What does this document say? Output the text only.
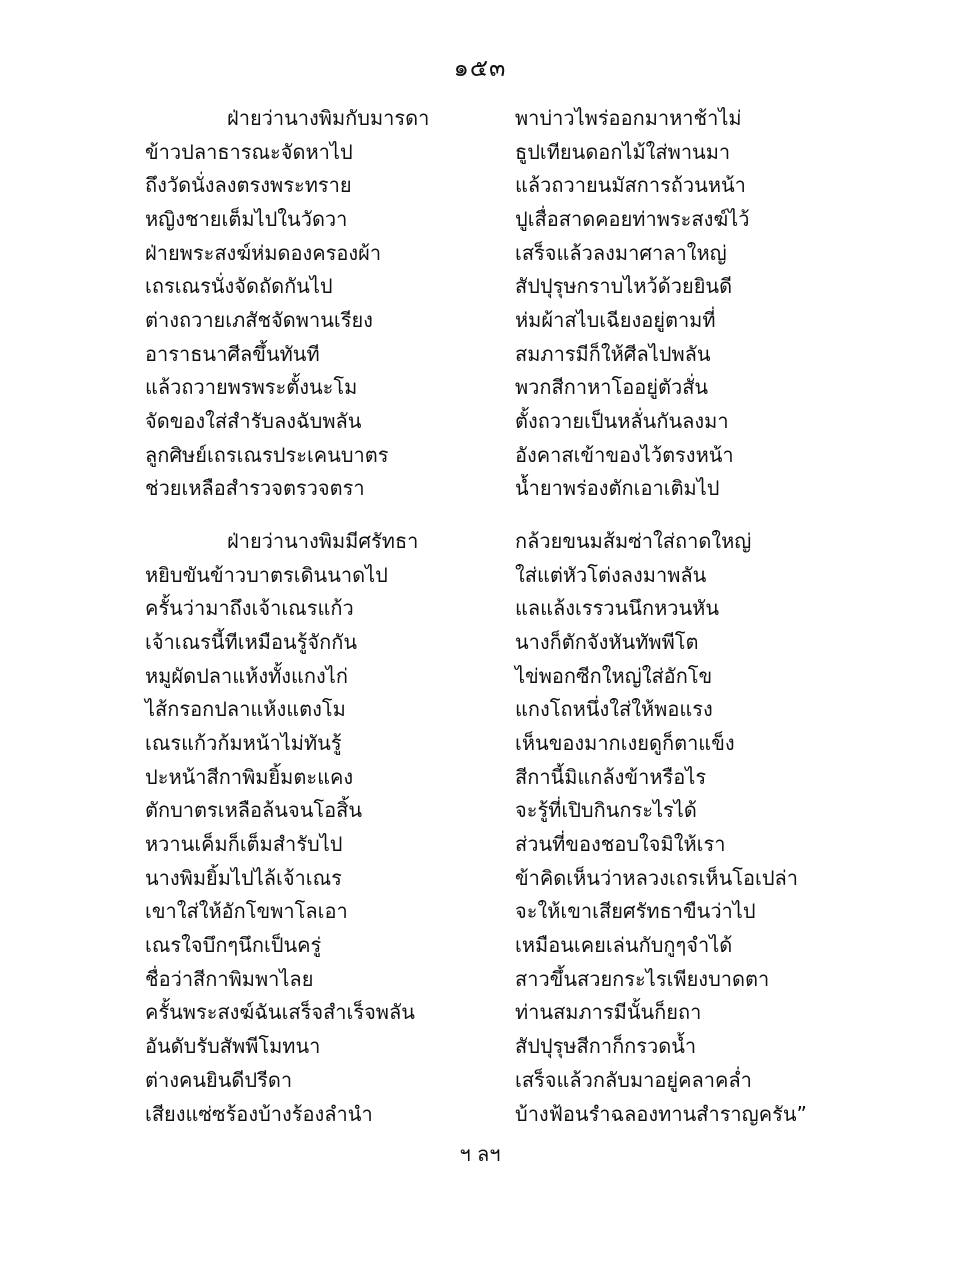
๑๕๓
ฝ่ายว่านางพิมกับมารดา	พาบ่าวไพร่ออกมาหาช้าไม่
ข้าวปลาธารณะจัดหาไป	ธูปเทียนดอกไม้ใส่พานมา
ถึงวัดนั่งลงตรงพระทราย	แล้วถวายนมัสการถ้วนหน้า
หญิงชายเต็มไปในวัดวา	ปูเสื่อสาดคอยท่าพระสงฆ์ไว้
ฝ่ายพระสงฆ์ห่มดองครองผ้า	เสร็จแล้วลงมาศาลาใหญ่
เถรเณรนั่งจัดถัดกันไป	สัปปุรุษกราบไหว้ด้วยยินดี
ต่างถวายเภสัชจัดพานเรียง	ห่มผ้าสไบเฉียงอยู่ตามที่
อาราธนาศีลขึ้นทันที	สมภารมีก็ให้ศีลไปพลัน
แล้วถวายพรพระตั้งนะโม	พวกสีกาหาโออยู่ตัวสั่น
จัดของใส่สำรับลงฉับพลัน	ตั้งถวายเป็นหลั่นกันลงมา
ลูกศิษย์เถรเณรประเคนบาตร	อังคาสเข้าของไว้ตรงหน้า
ช่วยเหลือสำรวจตรวจตรา	น้ำยาพร่องตักเอาเติมไป
ฝ่ายว่านางพิมมีศรัทธา	กล้วยขนมส้มซ่าใส่ถาดใหญ่
หยิบขันข้าวบาตรเดินนาดไป	ใส่แต่หัวโต่งลงมาพลัน
ครั้นว่ามาถึงเจ้าเณรแก้ว	แลแล้งเรรวนนึกหวนหัน
เจ้าเณรนี้ทีเหมือนรู้จักกัน	นางก็ตักจังหันทัพพีโต
หมูผัดปลาแห้งทั้งแกงไก่	ไข่พอกซีกใหญ่ใส่อักโข
ไส้กรอกปลาแห้งแตงโม	แกงโถหนึ่งใส่ให้พอแรง
เณรแก้วก้มหน้าไม่ทันรู้	เห็นของมากเงยดูก็ตาแข็ง
ปะหน้าสีกาพิมยิ้มตะแคง	สีกานี้มิแกล้งข้าหรือไร
ตักบาตรเหลือล้นจนโอสิ้น	จะรู้ที่เปิบกินกระไรได้
หวานเค็มก็เต็มสำรับไป	ส่วนที่ของชอบใจมิให้เรา
นางพิมยิ้มไปไล้เจ้าเณร	ข้าคิดเห็นว่าหลวงเถรเห็นโอเปล่า
เขาใส่ให้อักโขพาโลเอา	จะให้เขาเสียศรัทธาขืนว่าไป
เณรใจบึกๆนึกเป็นครู่	เหมือนเคยเล่นกับกูๆจำได้
ชื่อว่าสีกาพิมพาไลย	สาวขึ้นสวยกระไรเพียงบาดตา
ครั้นพระสงฆ์ฉันเสร็จสำเร็จพลัน	ท่านสมภารมีนั้นก็ยถา
อันดับรับสัพพีโมทนา	สัปปุรุษสีกาก็กรวดน้ำ
ต่างคนยินดีปรีดา	เสร็จแล้วกลับมาอยู่คลาคล่ำ
เสียงแซ่ซร้องบ้างร้องลำนำ	บ้างฟ้อนรำฉลองทานสำราญครัน”
ฯ ลฯ
